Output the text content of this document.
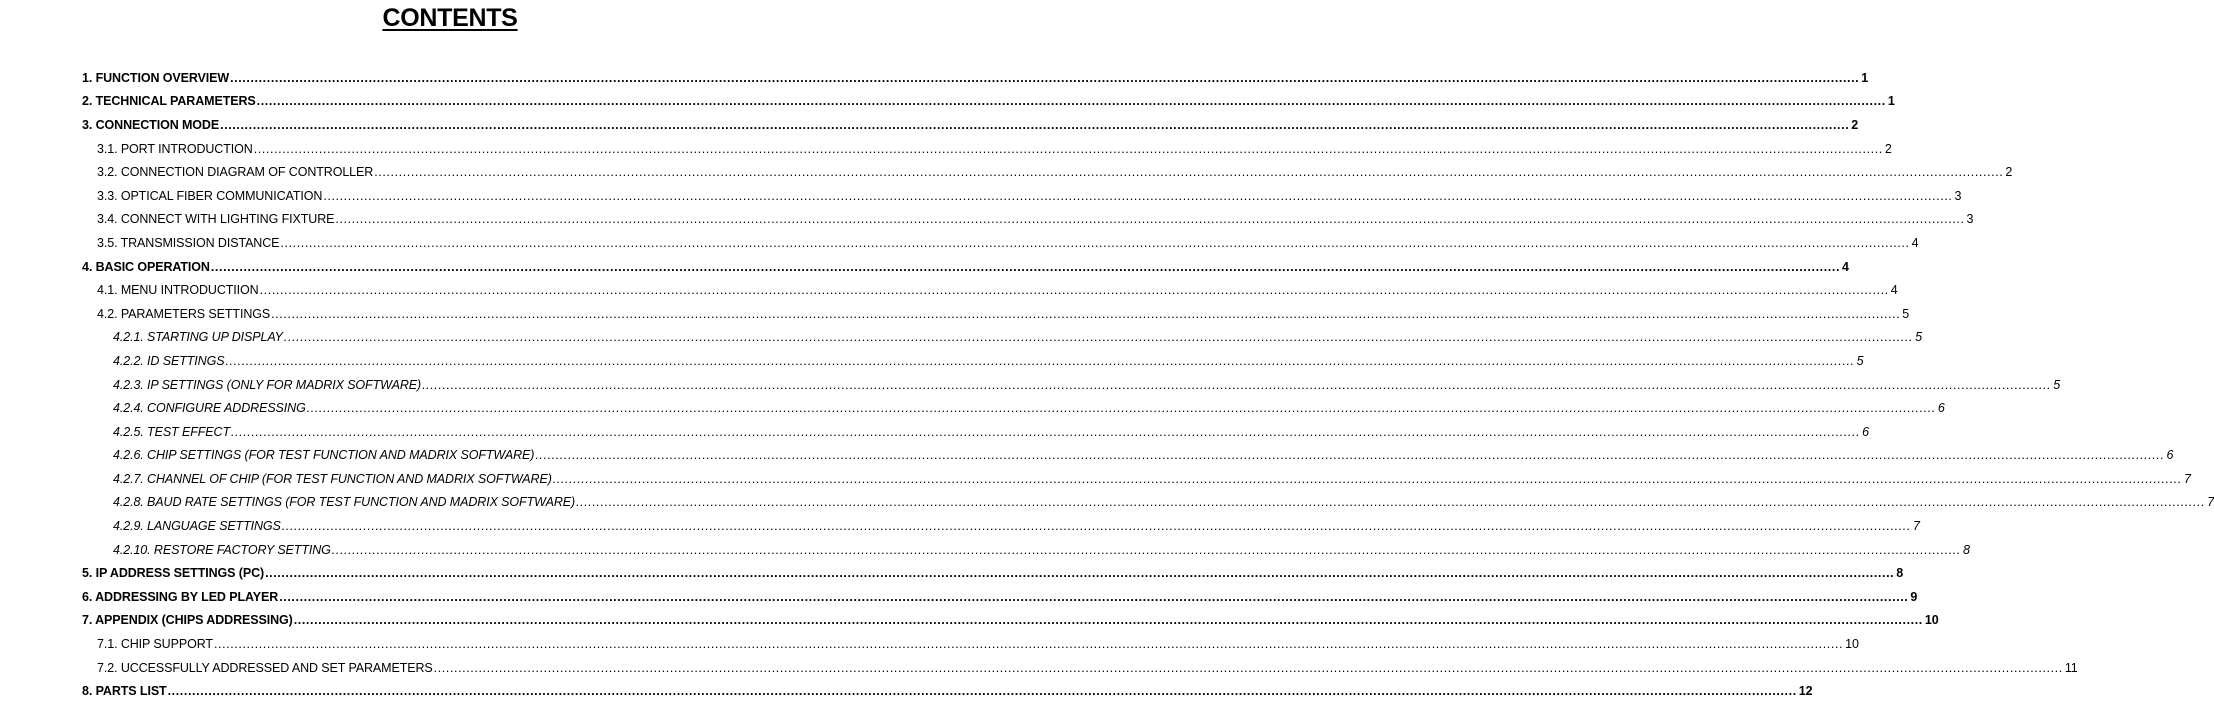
CONTENTS
1. FUNCTION OVERVIEW ................................................................................................................................................................................................................................................................................................................................................................................................................ 1
2. TECHNICAL PARAMETERS ................................................................................................................................................................................................................................................................................................................................................................................................................ 1
3. CONNECTION MODE ................................................................................................................................................................................................................................................................................................................................................................................................................ 2
3.1. PORT INTRODUCTION ................................................................................................................................................................................................................................................................................................................................................................................................................ 2
3.2. CONNECTION DIAGRAM OF CONTROLLER ................................................................................................................................................................................................................................................................................................................................................................................................................ 2
3.3. OPTICAL FIBER COMMUNICATION ................................................................................................................................................................................................................................................................................................................................................................................................................ 3
3.4. CONNECT WITH LIGHTING FIXTURE ................................................................................................................................................................................................................................................................................................................................................................................................................ 3
3.5. TRANSMISSION DISTANCE ................................................................................................................................................................................................................................................................................................................................................................................................................ 4
4. BASIC OPERATION ................................................................................................................................................................................................................................................................................................................................................................................................................ 4
4.1. MENU INTRODUCTIION ................................................................................................................................................................................................................................................................................................................................................................................................................ 4
4.2. PARAMETERS SETTINGS ................................................................................................................................................................................................................................................................................................................................................................................................................ 5
4.2.1. STARTING UP DISPLAY ................................................................................................................................................................................................................................................................................................................................................................................................................ 5
4.2.2. ID SETTINGS ................................................................................................................................................................................................................................................................................................................................................................................................................ 5
4.2.3. IP SETTINGS (ONLY FOR MADRIX SOFTWARE) ................................................................................................................................................................................................................................................................................................................................................................................................................ 5
4.2.4. CONFIGURE ADDRESSING ................................................................................................................................................................................................................................................................................................................................................................................................................ 6
4.2.5. TEST EFFECT ................................................................................................................................................................................................................................................................................................................................................................................................................ 6
4.2.6. CHIP SETTINGS (FOR TEST FUNCTION AND MADRIX SOFTWARE) ................................................................................................................................................................................................................................................................................................................................................................................................................ 6
4.2.7. CHANNEL OF CHIP (FOR TEST FUNCTION AND MADRIX SOFTWARE) ................................................................................................................................................................................................................................................................................................................................................................................................................ 7
4.2.8. BAUD RATE SETTINGS (FOR TEST FUNCTION AND MADRIX SOFTWARE) ................................................................................................................................................................................................................................................................................................................................................................................................................ 7
4.2.9. LANGUAGE SETTINGS ................................................................................................................................................................................................................................................................................................................................................................................................................ 7
4.2.10. RESTORE FACTORY SETTING ................................................................................................................................................................................................................................................................................................................................................................................................................ 8
5. IP ADDRESS SETTINGS (PC) ................................................................................................................................................................................................................................................................................................................................................................................................................ 8
6. ADDRESSING BY LED PLAYER ................................................................................................................................................................................................................................................................................................................................................................................................................ 9
7. APPENDIX (CHIPS ADDRESSING) ................................................................................................................................................................................................................................................................................................................................................................................................................ 10
7.1. CHIP SUPPORT ................................................................................................................................................................................................................................................................................................................................................................................................................ 10
7.2. UCCESSFULLY ADDRESSED AND SET PARAMETERS ................................................................................................................................................................................................................................................................................................................................................................................................................ 11
8. PARTS LIST ................................................................................................................................................................................................................................................................................................................................................................................................................ 12
